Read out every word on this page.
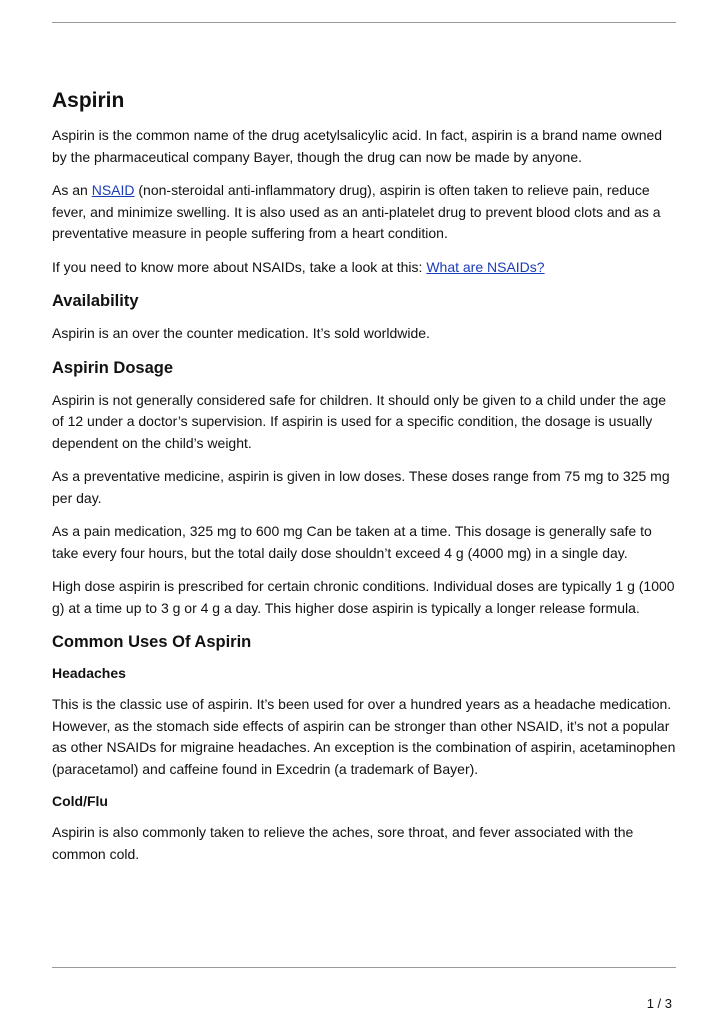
Aspirin

Aspirin is the common name of the drug acetylsalicylic acid. In fact, aspirin is a brand name owned by the pharmaceutical company Bayer, though the drug can now be made by anyone.

As an NSAID (non-steroidal anti-inflammatory drug), aspirin is often taken to relieve pain, reduce fever, and minimize swelling. It is also used as an anti-platelet drug to prevent blood clots and as a preventative measure in people suffering from a heart condition.

If you need to know more about NSAIDs, take a look at this: What are NSAIDs?

Availability

Aspirin is an over the counter medication. It’s sold worldwide.

Aspirin Dosage

Aspirin is not generally considered safe for children. It should only be given to a child under the age of 12 under a doctor’s supervision. If aspirin is used for a specific condition, the dosage is usually dependent on the child’s weight.

As a preventative medicine, aspirin is given in low doses. These doses range from 75 mg to 325 mg per day.

As a pain medication, 325 mg to 600 mg Can be taken at a time. This dosage is generally safe to take every four hours, but the total daily dose shouldn’t exceed 4 g (4000 mg) in a single day.

High dose aspirin is prescribed for certain chronic conditions. Individual doses are typically 1 g (1000 g) at a time up to 3 g or 4 g a day. This higher dose aspirin is typically a longer release formula.

Common Uses Of Aspirin
Headaches

This is the classic use of aspirin. It’s been used for over a hundred years as a headache medication. However, as the stomach side effects of aspirin can be stronger than other NSAID, it’s not a popular as other NSAIDs for migraine headaches. An exception is the combination of aspirin, acetaminophen (paracetamol) and caffeine found in Excedrin (a trademark of Bayer).

Cold/Flu

Aspirin is also commonly taken to relieve the aches, sore throat, and fever associated with the common cold.

1 / 3
